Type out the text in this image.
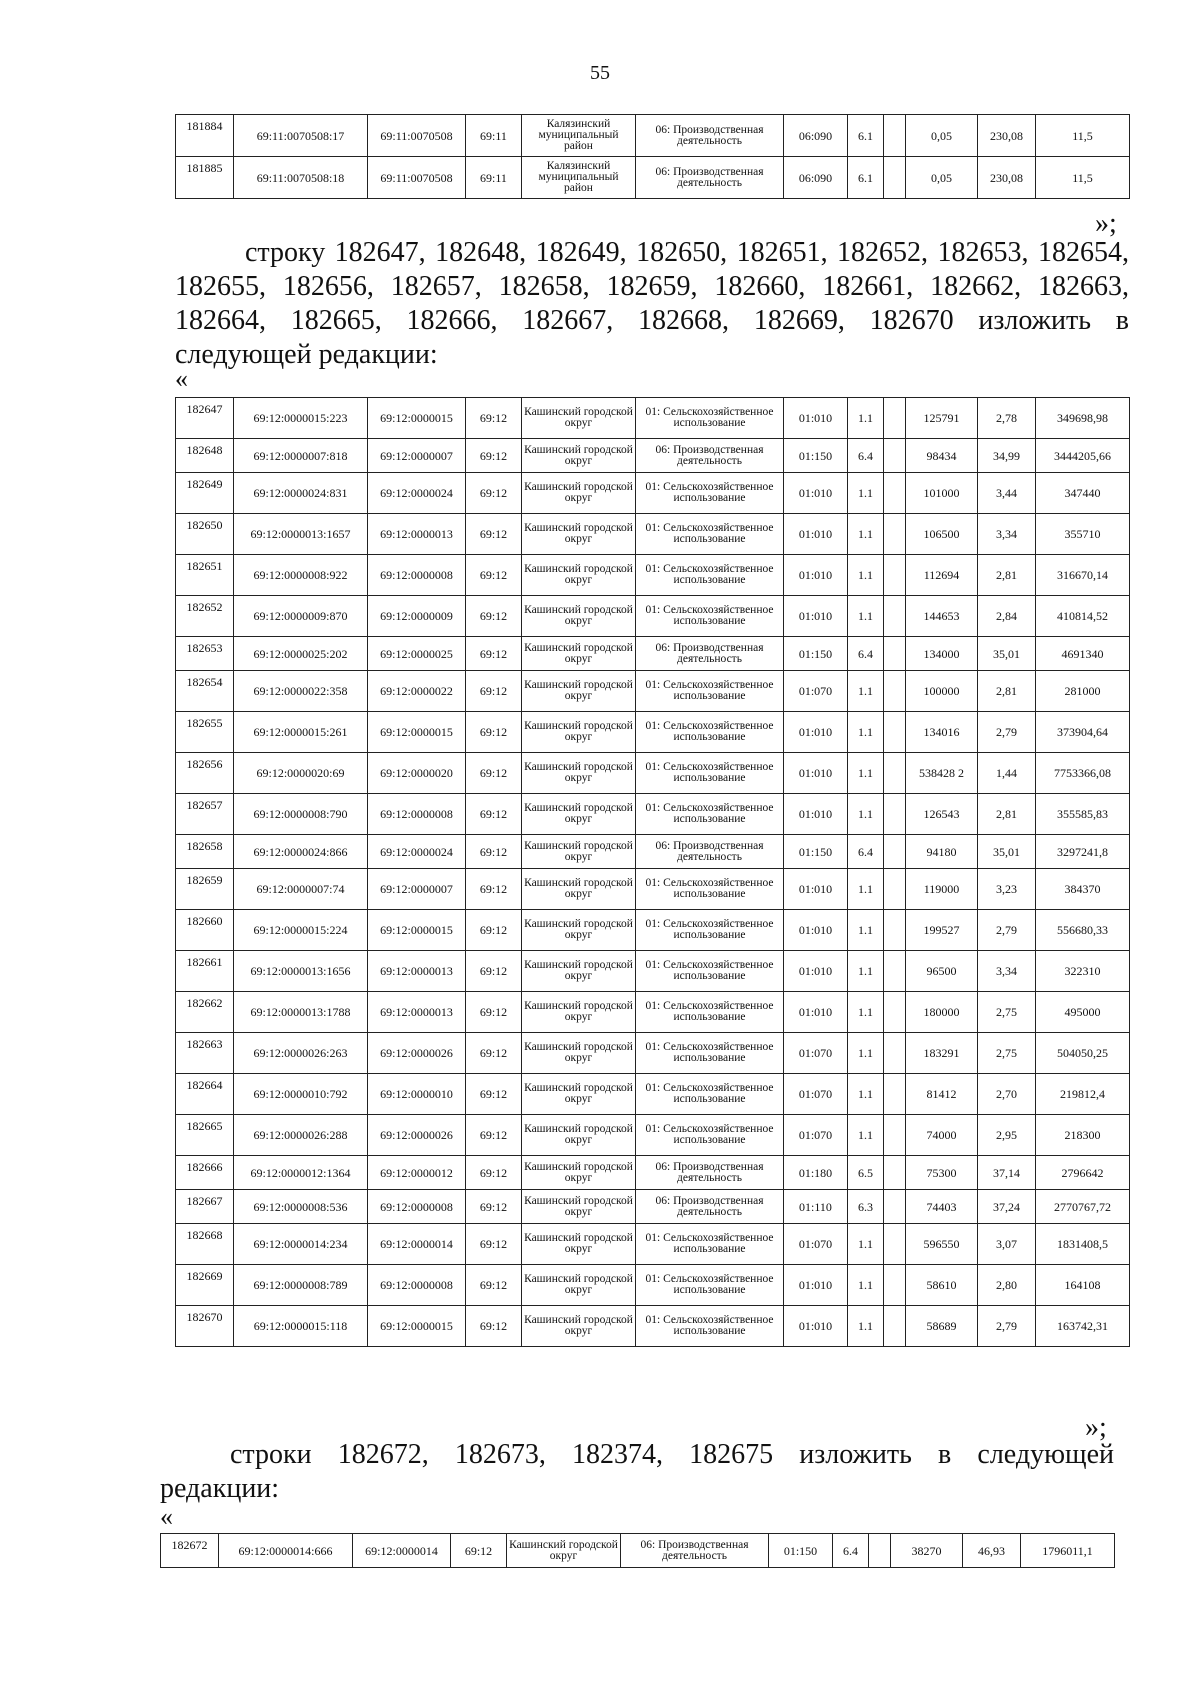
55
181884	69:11:0070508:17	69:11:0070508	69:11	Калязинский муниципальный район	06: Производственная деятельность	06:090	6.1		0,05	230,08	11,5
181885	69:11:0070508:18	69:11:0070508	69:11	Калязинский муниципальный район	06: Производственная деятельность	06:090	6.1		0,05	230,08	11,5
»;
строку 182647, 182648, 182649, 182650, 182651, 182652, 182653, 182654,
182655, 182656, 182657, 182658, 182659, 182660, 182661, 182662, 182663,
182664, 182665, 182666, 182667, 182668, 182669, 182670 изложить в
следующей редакции:
«
182647	69:12:0000015:223	69:12:0000015	69:12	Кашинский городской округ	01: Сельскохозяйственное использование	01:010	1.1		125791	2,78	349698,98
182648	69:12:0000007:818	69:12:0000007	69:12	Кашинский городской округ	06: Производственная деятельность	01:150	6.4		98434	34,99	3444205,66
182649	69:12:0000024:831	69:12:0000024	69:12	Кашинский городской округ	01: Сельскохозяйственное использование	01:010	1.1		101000	3,44	347440
182650	69:12:0000013:1657	69:12:0000013	69:12	Кашинский городской округ	01: Сельскохозяйственное использование	01:010	1.1		106500	3,34	355710
182651	69:12:0000008:922	69:12:0000008	69:12	Кашинский городской округ	01: Сельскохозяйственное использование	01:010	1.1		112694	2,81	316670,14
182652	69:12:0000009:870	69:12:0000009	69:12	Кашинский городской округ	01: Сельскохозяйственное использование	01:010	1.1		144653	2,84	410814,52
182653	69:12:0000025:202	69:12:0000025	69:12	Кашинский городской округ	06: Производственная деятельность	01:150	6.4		134000	35,01	4691340
182654	69:12:0000022:358	69:12:0000022	69:12	Кашинский городской округ	01: Сельскохозяйственное использование	01:070	1.1		100000	2,81	281000
182655	69:12:0000015:261	69:12:0000015	69:12	Кашинский городской округ	01: Сельскохозяйственное использование	01:010	1.1		134016	2,79	373904,64
182656	69:12:0000020:69	69:12:0000020	69:12	Кашинский городской округ	01: Сельскохозяйственное использование	01:010	1.1		538428 2	1,44	7753366,08
182657	69:12:0000008:790	69:12:0000008	69:12	Кашинский городской округ	01: Сельскохозяйственное использование	01:010	1.1		126543	2,81	355585,83
182658	69:12:0000024:866	69:12:0000024	69:12	Кашинский городской округ	06: Производственная деятельность	01:150	6.4		94180	35,01	3297241,8
182659	69:12:0000007:74	69:12:0000007	69:12	Кашинский городской округ	01: Сельскохозяйственное использование	01:010	1.1		119000	3,23	384370
182660	69:12:0000015:224	69:12:0000015	69:12	Кашинский городской округ	01: Сельскохозяйственное использование	01:010	1.1		199527	2,79	556680,33
182661	69:12:0000013:1656	69:12:0000013	69:12	Кашинский городской округ	01: Сельскохозяйственное использование	01:010	1.1		96500	3,34	322310
182662	69:12:0000013:1788	69:12:0000013	69:12	Кашинский городской округ	01: Сельскохозяйственное использование	01:010	1.1		180000	2,75	495000
182663	69:12:0000026:263	69:12:0000026	69:12	Кашинский городской округ	01: Сельскохозяйственное использование	01:070	1.1		183291	2,75	504050,25
182664	69:12:0000010:792	69:12:0000010	69:12	Кашинский городской округ	01: Сельскохозяйственное использование	01:070	1.1		81412	2,70	219812,4
182665	69:12:0000026:288	69:12:0000026	69:12	Кашинский городской округ	01: Сельскохозяйственное использование	01:070	1.1		74000	2,95	218300
182666	69:12:0000012:1364	69:12:0000012	69:12	Кашинский городской округ	06: Производственная деятельность	01:180	6.5		75300	37,14	2796642
182667	69:12:0000008:536	69:12:0000008	69:12	Кашинский городской округ	06: Производственная деятельность	01:110	6.3		74403	37,24	2770767,72
182668	69:12:0000014:234	69:12:0000014	69:12	Кашинский городской округ	01: Сельскохозяйственное использование	01:070	1.1		596550	3,07	1831408,5
182669	69:12:0000008:789	69:12:0000008	69:12	Кашинский городской округ	01: Сельскохозяйственное использование	01:010	1.1		58610	2,80	164108
182670	69:12:0000015:118	69:12:0000015	69:12	Кашинский городской округ	01: Сельскохозяйственное использование	01:010	1.1		58689	2,79	163742,31
»;
строки 182672, 182673, 182374, 182675 изложить в следующей
редакции:
«
182672	69:12:0000014:666	69:12:0000014	69:12	Кашинский городской округ	06: Производственная деятельность	01:150	6.4		38270	46,93	1796011,1
